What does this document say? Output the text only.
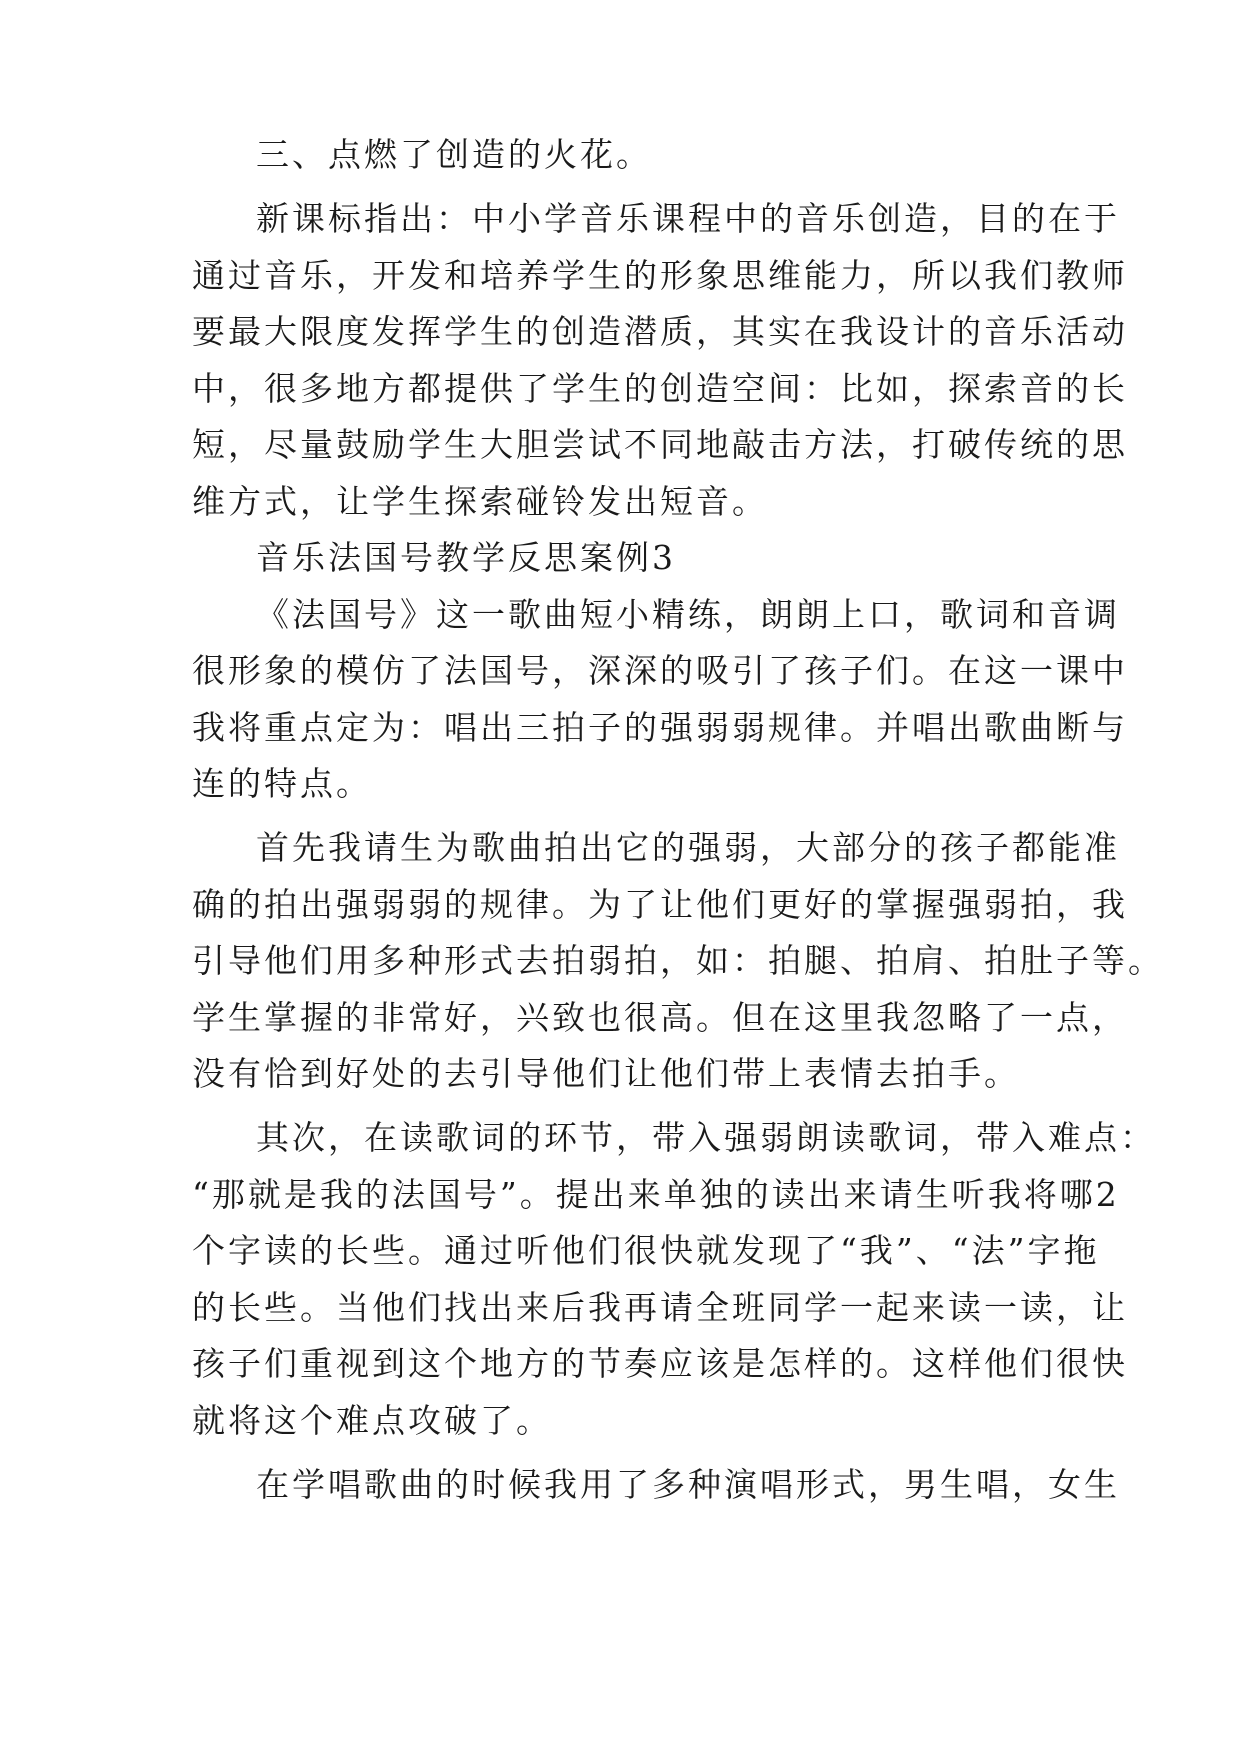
三、点燃了创造的火花。
新课标指出：中小学音乐课程中的音乐创造，目的在于
通过音乐，开发和培养学生的形象思维能力，所以我们教师
要最大限度发挥学生的创造潜质，其实在我设计的音乐活动
中，很多地方都提供了学生的创造空间：比如，探索音的长
短，尽量鼓励学生大胆尝试不同地敲击方法，打破传统的思
维方式，让学生探索碰铃发出短音。
音乐法国号教学反思案例3
《法国号》这一歌曲短小精练，朗朗上口，歌词和音调
很形象的模仿了法国号，深深的吸引了孩子们。在这一课中
我将重点定为：唱出三拍子的强弱弱规律。并唱出歌曲断与
连的特点。
首先我请生为歌曲拍出它的强弱，大部分的孩子都能准
确的拍出强弱弱的规律。为了让他们更好的掌握强弱拍，我
引导他们用多种形式去拍弱拍，如：拍腿、拍肩、拍肚子等。
学生掌握的非常好，兴致也很高。但在这里我忽略了一点，
没有恰到好处的去引导他们让他们带上表情去拍手。
其次，在读歌词的环节，带入强弱朗读歌词，带入难点：
“那就是我的法国号”。提出来单独的读出来请生听我将哪2
个字读的长些。通过听他们很快就发现了“我”、“法”字拖
的长些。当他们找出来后我再请全班同学一起来读一读，让
孩子们重视到这个地方的节奏应该是怎样的。这样他们很快
就将这个难点攻破了。
在学唱歌曲的时候我用了多种演唱形式，男生唱，女生
